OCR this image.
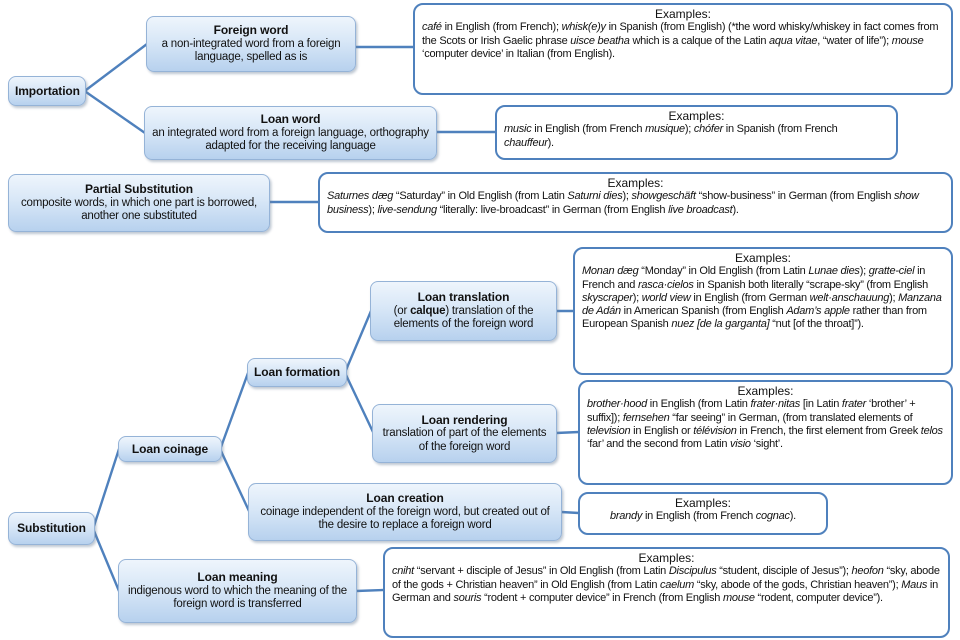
Importation
Foreign word
a non-integrated word from a foreign language, spelled as is
Loan word
an integrated word from a foreign language, orthography adapted for the receiving language
Partial Substitution
composite words, in which one part is borrowed, another one substituted
Loan translation
(or calque) translation of the elements of the foreign word
Loan formation
Loan rendering
translation of part of the elements of the foreign word
Loan coinage
Loan creation
coinage independent of the foreign word, but created out of the desire to replace a foreign word
Substitution
Loan meaning
indigenous word to which the meaning of the foreign word is transferred
Examples:
café in English (from French); whisk(e)y in Spanish (from English) (*the word whisky/whiskey in fact comes from the Scots or Irish Gaelic phrase uisce beatha which is a calque of the Latin aqua vitae, “water of life”); mouse ‘computer device’ in Italian (from English).
Examples:
music in English (from French musique); chófer in Spanish (from French chauffeur).
Examples:
Saturnes dæg “Saturday” in Old English (from Latin Saturni dies); showgeschäft “show-business” in German (from English show business); live-sendung “literally: live-broadcast” in German (from English live broadcast).
Examples:
Monan dæg “Monday” in Old English (from Latin Lunae dies); gratte-ciel in French and rasca·cielos in Spanish both literally “scrape-sky” (from English skyscraper); world view in English (from German welt·anschauung); Manzana de Adán in American Spanish (from English Adam’s apple rather than from European Spanish nuez [de la garganta] “nut [of the throat]”).
Examples:
brother·hood in English (from Latin frater·nitas [in Latin frater ‘brother’ + suffix]); fernsehen “far seeing” in German, (from translated elements of television in English or télévision in French, the first element from Greek telos ‘far’ and the second from Latin visio ‘sight’.
Examples:
brandy in English (from French cognac).
Examples:
cniht “servant + disciple of Jesus” in Old English (from Latin Discipulus “student, disciple of Jesus”); heofon “sky, abode of the gods + Christian heaven” in Old English (from Latin caelum “sky, abode of the gods, Christian heaven”); Maus in German and souris “rodent + computer device” in French (from English mouse “rodent, computer device”).
